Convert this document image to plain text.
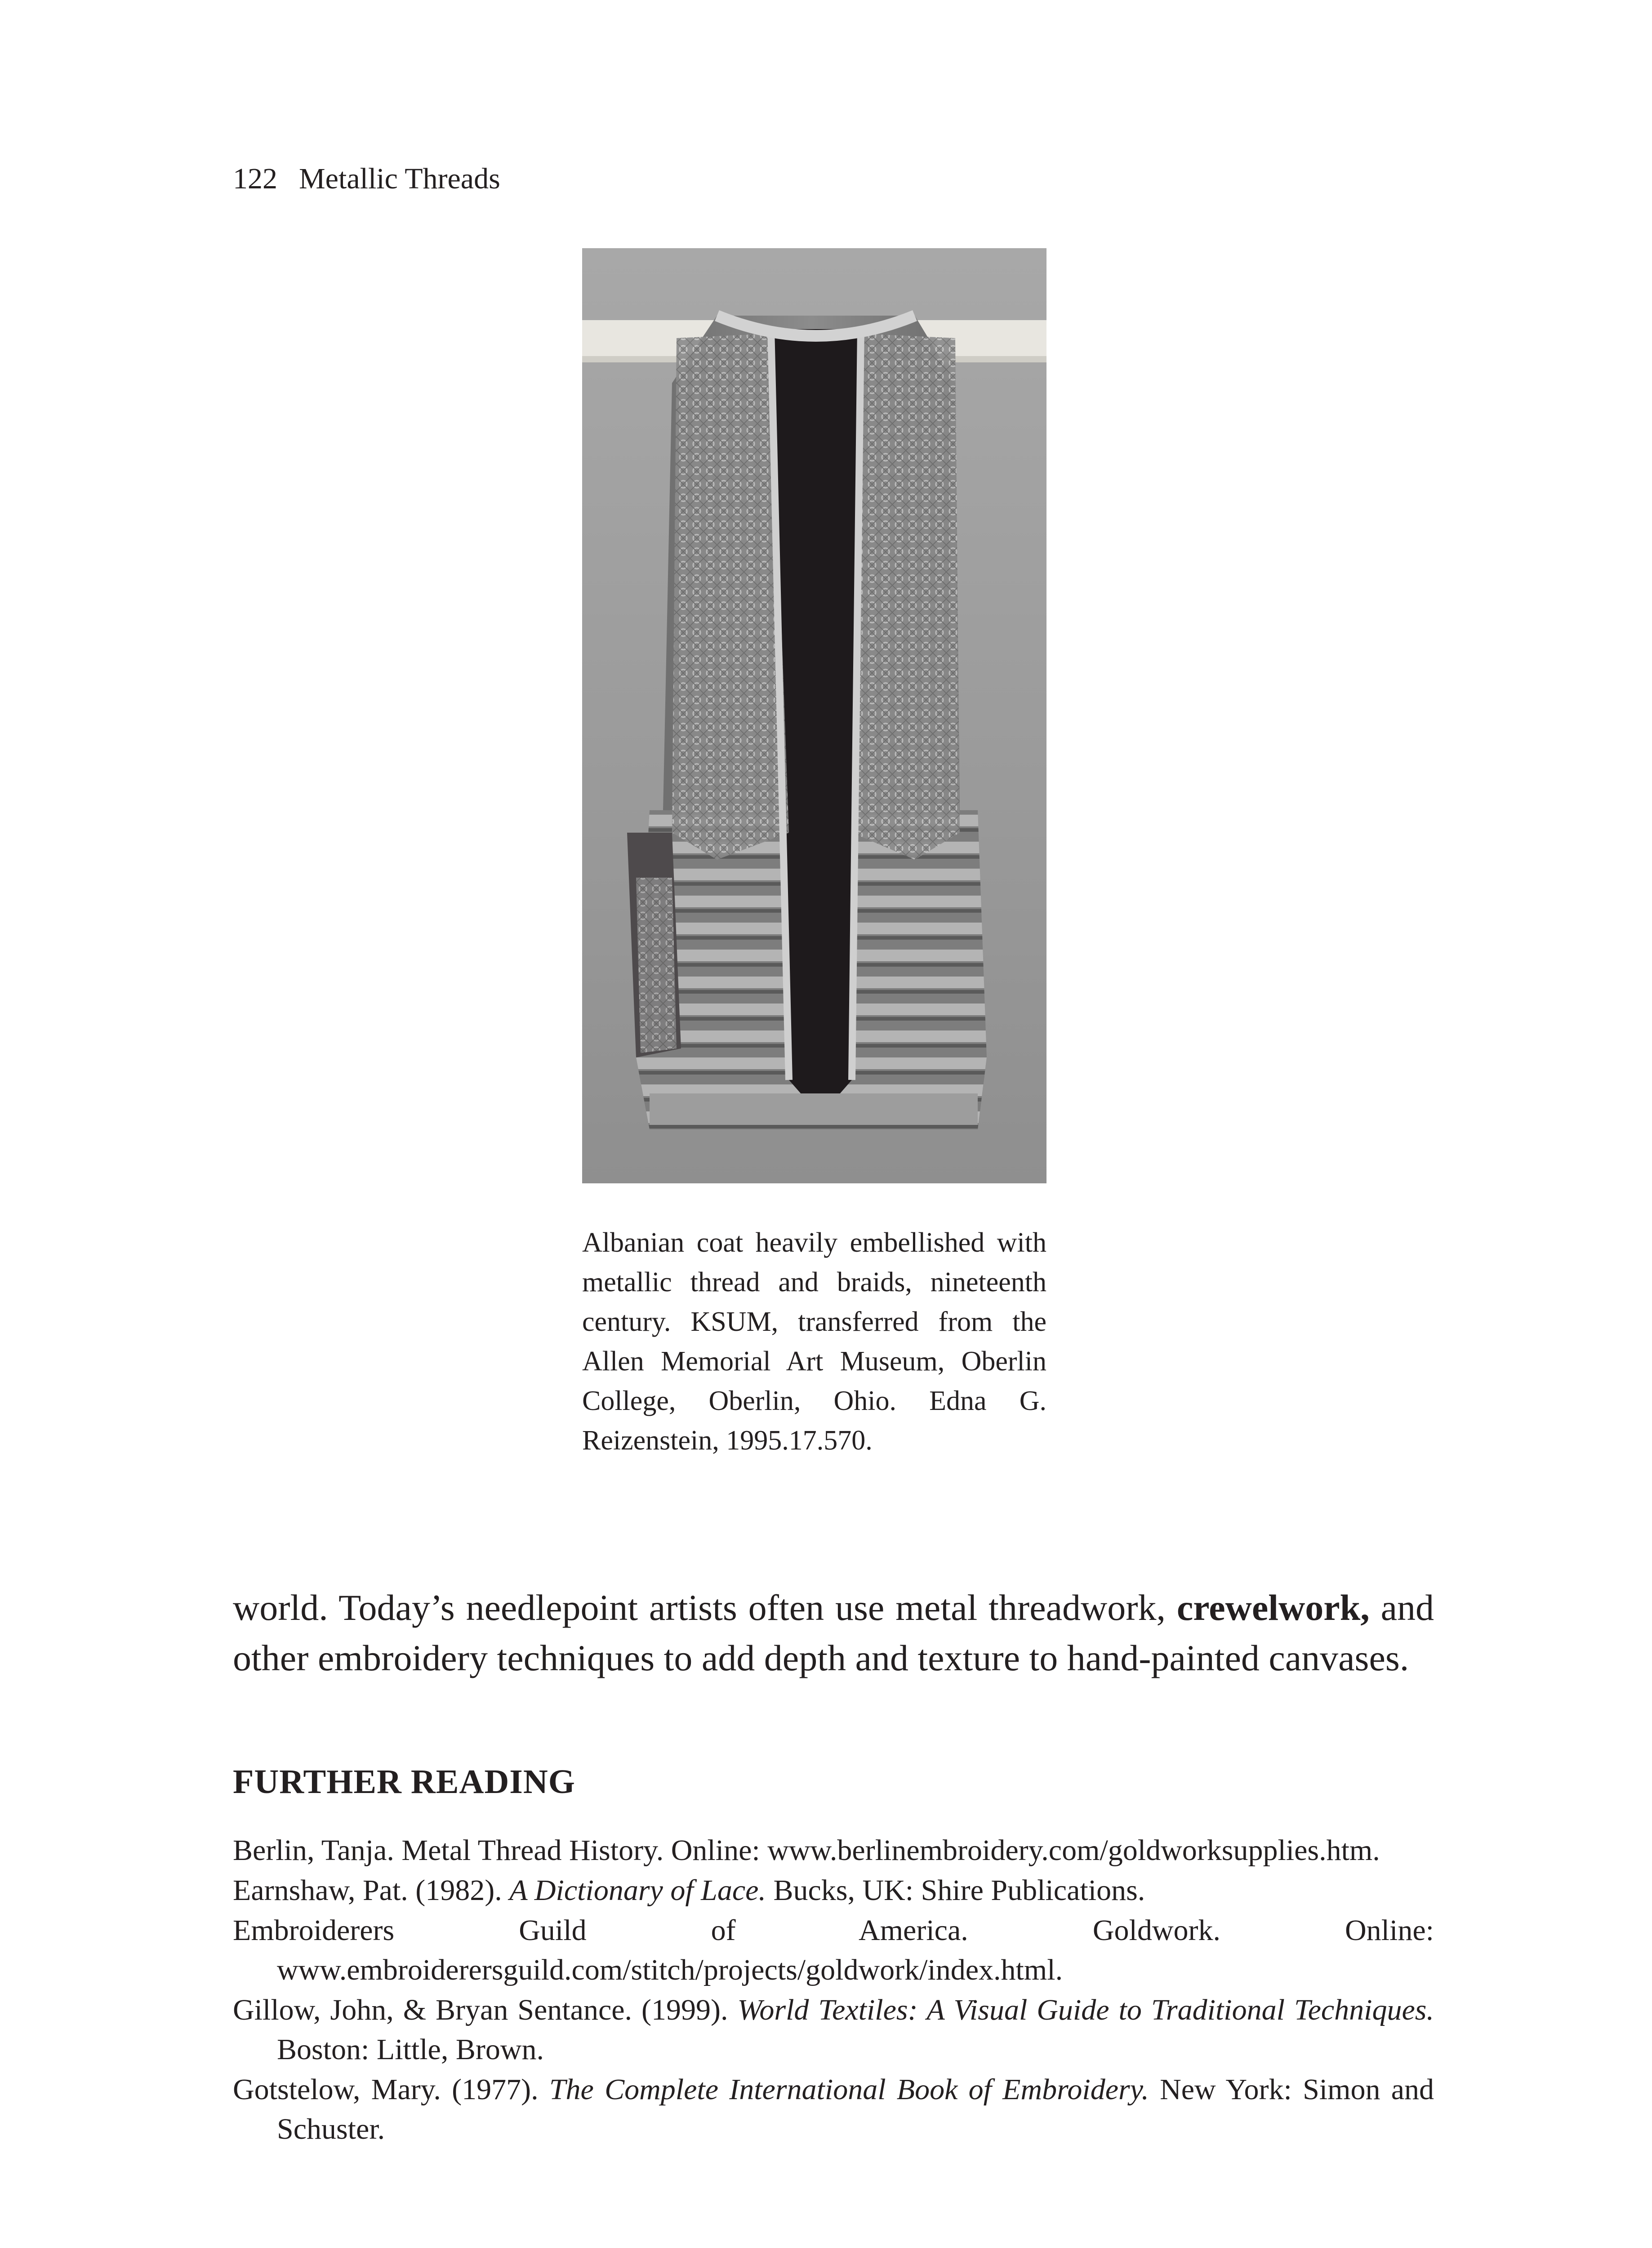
122 Metallic Threads
Albanian coat heavily embellished with metallic thread and braids, nineteenth century. KSUM, transferred from the Allen Memorial Art Museum, Oberlin College, Oberlin, Ohio. Edna G. Reizenstein, 1995.17.570.

world. Today’s needlepoint artists often use metal threadwork, crewelwork, and other embroidery techniques to add depth and texture to hand-painted canvases.

FURTHER READING
Berlin, Tanja. Metal Thread History. Online: www.berlinembroidery.com/goldworksupplies.htm.
Earnshaw, Pat. (1982). A Dictionary of Lace. Bucks, UK: Shire Publications.
Embroiderers Guild of America. Goldwork. Online: www.embroiderersguild.com/stitch/projects/goldwork/index.html.
Gillow, John, & Bryan Sentance. (1999). World Textiles: A Visual Guide to Traditional Techniques. Boston: Little, Brown.
Gotstelow, Mary. (1977). The Complete International Book of Embroidery. New York: Simon and Schuster.
